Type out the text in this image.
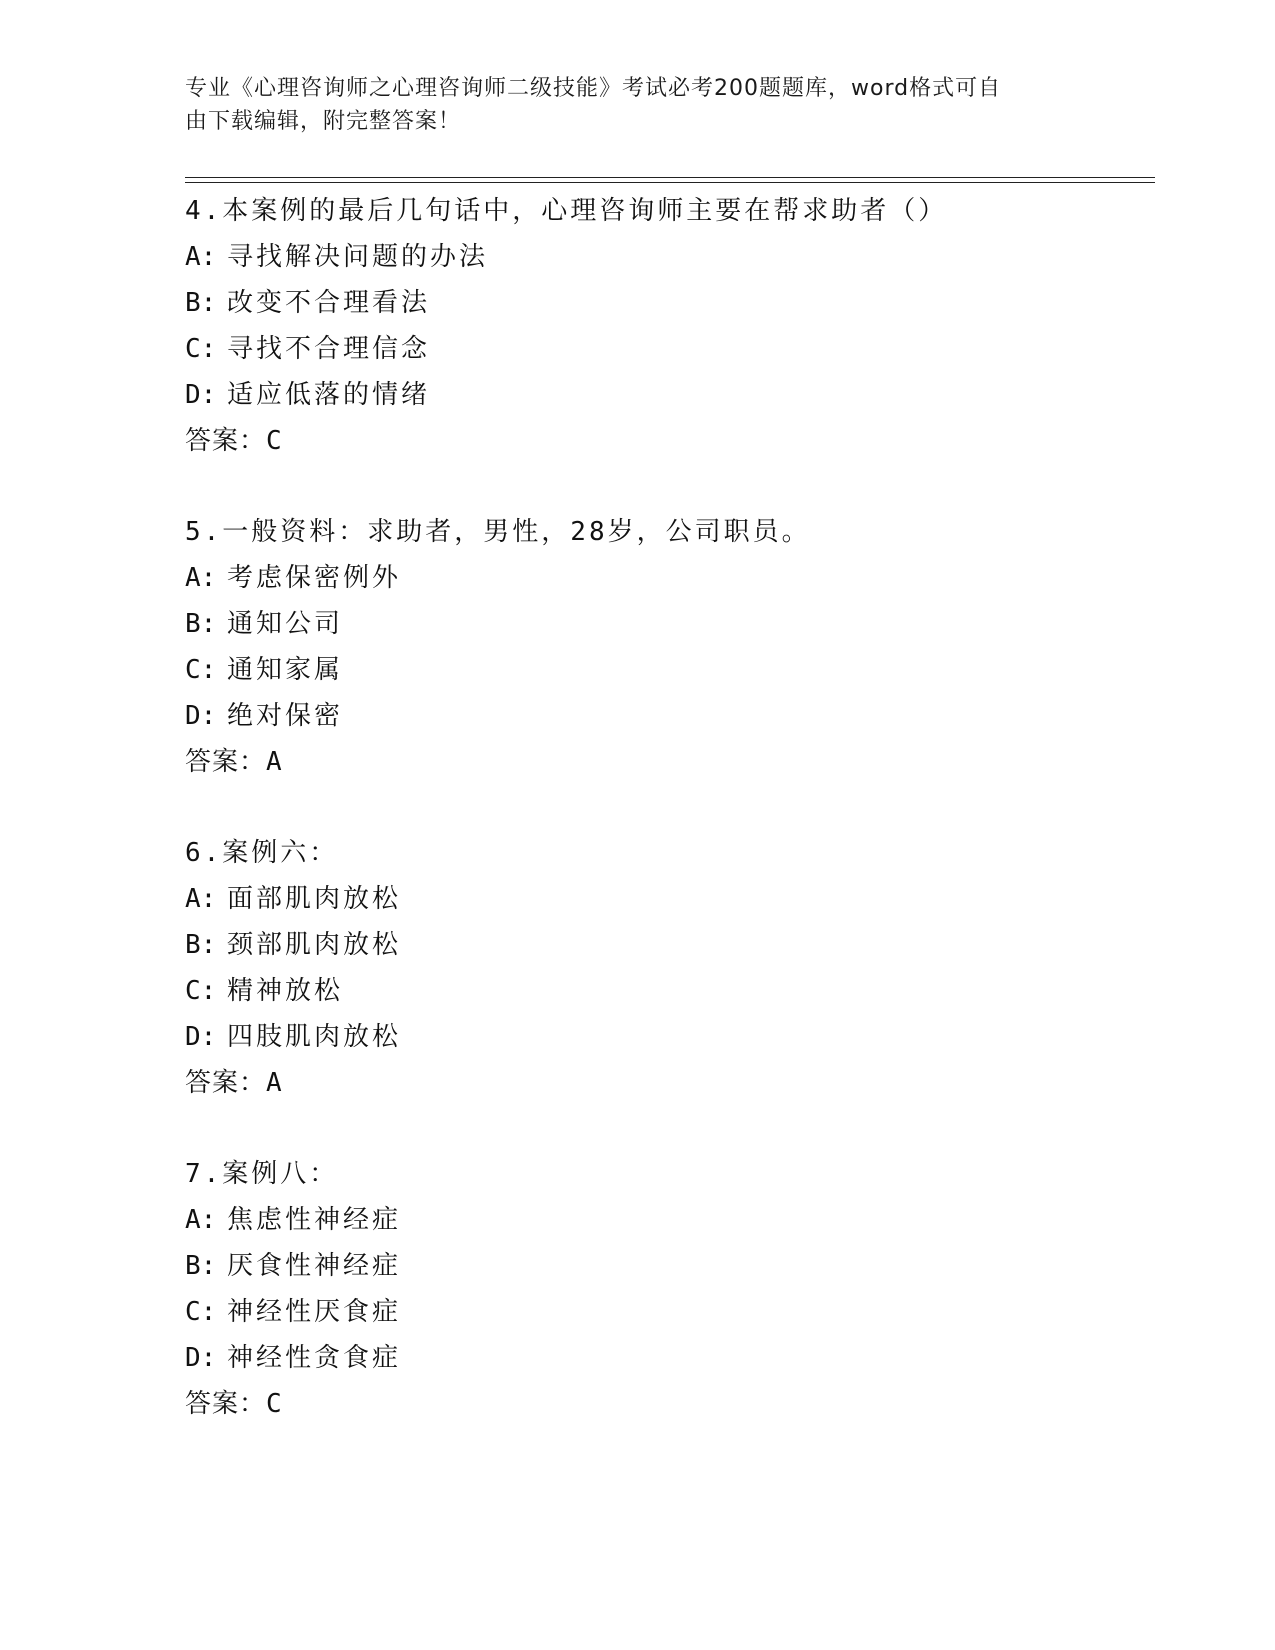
专业《心理咨询师之心理咨询师二级技能》考试必考200题题库，word格式可自
由下载编辑，附完整答案！
4.本案例的最后几句话中，心理咨询师主要在帮求助者（）
A: 寻找解决问题的办法
B: 改变不合理看法
C: 寻找不合理信念
D: 适应低落的情绪
答案：C
5.一般资料：求助者，男性，28岁，公司职员。
A: 考虑保密例外
B: 通知公司
C: 通知家属
D: 绝对保密
答案：A
6.案例六：
A: 面部肌肉放松
B: 颈部肌肉放松
C: 精神放松
D: 四肢肌肉放松
答案：A
7.案例八：
A: 焦虑性神经症
B: 厌食性神经症
C: 神经性厌食症
D: 神经性贪食症
答案：C
